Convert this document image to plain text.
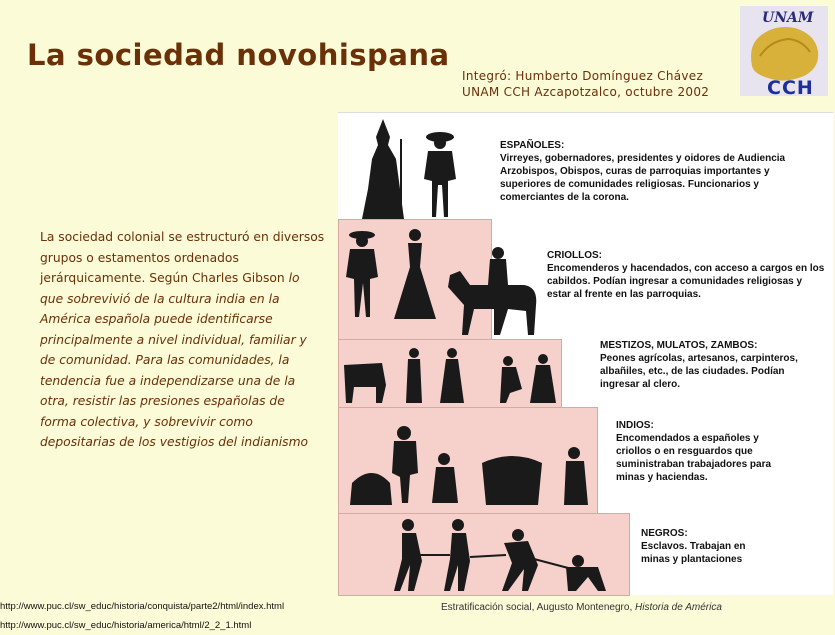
La sociedad novohispana
Integró: Humberto Domínguez Chávez
UNAM CCH Azcapotzalco, octubre 2002
UNAM
CCH
La sociedad colonial se estructuró en diversos grupos o estamentos ordenados jerárquicamente. Según Charles Gibson lo que sobrevivió de la cultura india en la América española puede identificarse principalmente a nivel individual, familiar y de comunidad. Para las comunidades, la tendencia fue a independizarse una de la otra, resistir las presiones españolas de forma colectiva, y sobrevivir como depositarias de los vestigios del indianismo
ESPAÑOLES:
Virreyes, gobernadores, presidentes y oidores de Audiencia Arzobispos, Obispos, curas de parroquias importantes y superiores de comunidades religiosas. Funcionarios y comerciantes de la corona.
CRIOLLOS:
Encomenderos y hacendados, con acceso a cargos en los cabildos. Podían ingresar a comunidades religiosas y estar al frente en las parroquias.
MESTIZOS, MULATOS, ZAMBOS:
Peones agrícolas, artesanos, carpinteros, albañiles, etc., de las ciudades. Podían ingresar al clero.
INDIOS:
Encomendados a españoles y criollos o en resguardos que suministraban trabajadores para minas y haciendas.
NEGROS:
Esclavos. Trabajan en minas y plantaciones
http://www.puc.cl/sw_educ/historia/conquista/parte2/html/index.html
http://www.puc.cl/sw_educ/historia/america/html/2_2_1.html
Estratificación social, Augusto Montenegro, Historia de América
